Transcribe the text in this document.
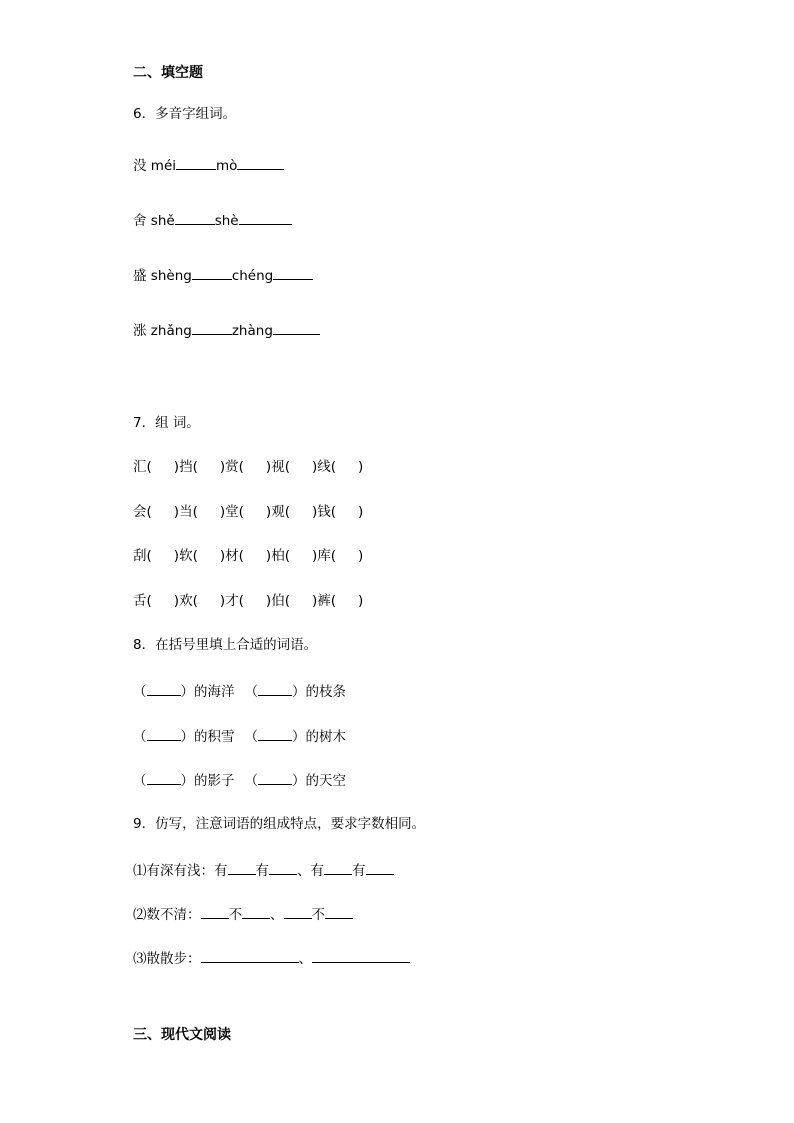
二、填空题
6．多音字组词。
没 méi	mò
舍 shě	shè
盛 shèng	chéng
涨 zhǎng	zhàng
7．组 词。
汇( )挡( )赏( )视( )线( )
会( )当( )堂( )观( )钱( )
刮( )软( )材( )柏( )库( )
舌( )欢( )才( )伯( )裤( )
8．在括号里填上合适的词语。
（	）的海洋 （	）的枝条
（	）的积雪 （	）的树木
（	）的影子 （	）的天空
9．仿写，注意词语的组成特点，要求字数相同。
⑴有深有浅：有 有 、有 有
⑵数不清： 不 、 不
⑶散散步：	、
三、现代文阅读
